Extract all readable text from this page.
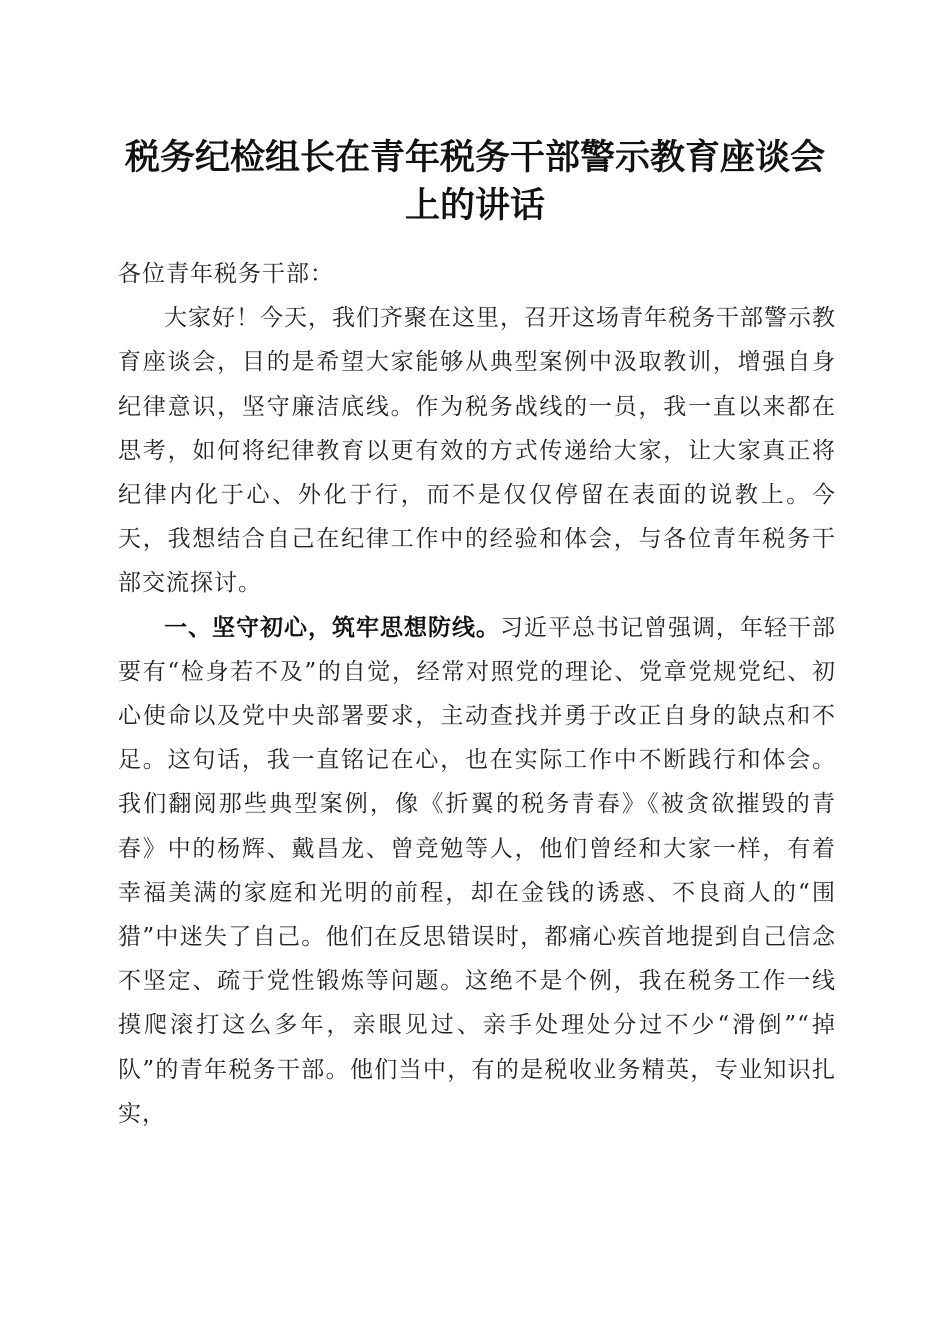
税务纪检组长在青年税务干部警示教育座谈会
上的讲话

各位青年税务干部：

大家好！今天，我们齐聚在这里，召开这场青年税务干部警示教育座谈会，目的是希望大家能够从典型案例中汲取教训，增强自身纪律意识，坚守廉洁底线。作为税务战线的一员，我一直以来都在思考，如何将纪律教育以更有效的方式传递给大家，让大家真正将纪律内化于心、外化于行，而不是仅仅停留在表面的说教上。今天，我想结合自己在纪律工作中的经验和体会，与各位青年税务干部交流探讨。

一、坚守初心，筑牢思想防线。习近平总书记曾强调，年轻干部要有“检身若不及”的自觉，经常对照党的理论、党章党规党纪、初心使命以及党中央部署要求，主动查找并勇于改正自身的缺点和不足。这句话，我一直铭记在心，也在实际工作中不断践行和体会。我们翻阅那些典型案例，像《折翼的税务青春》《被贪欲摧毁的青春》中的杨辉、戴昌龙、曾竞勉等人，他们曾经和大家一样，有着幸福美满的家庭和光明的前程，却在金钱的诱惑、不良商人的“围猎”中迷失了自己。他们在反思错误时，都痛心疾首地提到自己信念不坚定、疏于党性锻炼等问题。这绝不是个例，我在税务工作一线摸爬滚打这么多年，亲眼见过、亲手处理处分过不少“滑倒”“掉队”的青年税务干部。他们当中，有的是税收业务精英，专业知识扎实，
